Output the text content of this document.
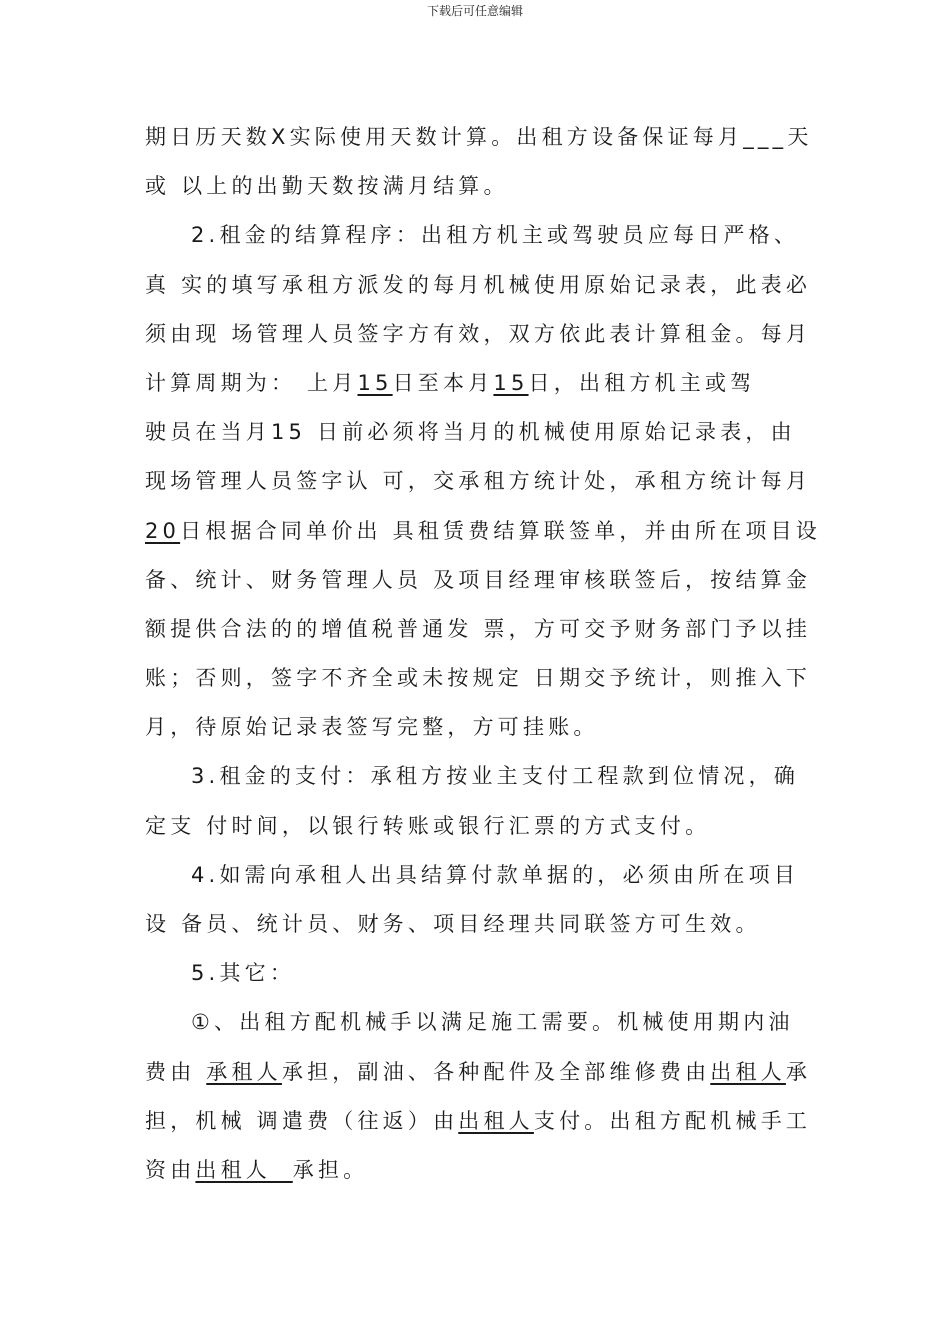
下载后可任意编辑
期日历天数X实际使用天数计算。出租方设备保证每月___天
或 以上的出勤天数按满月结算。
2.租金的结算程序：出租方机主或驾驶员应每日严格、
真 实的填写承租方派发的每月机械使用原始记录表，此表必
须由现 场管理人员签字方有效，双方依此表计算租金。每月
计算周期为： 上月15日至本月15日，出租方机主或驾
驶员在当月15 日前必须将当月的机械使用原始记录表，由
现场管理人员签字认 可，交承租方统计处，承租方统计每月
20日根据合同单价出 具租赁费结算联签单，并由所在项目设
备、统计、财务管理人员 及项目经理审核联签后，按结算金
额提供合法的的增值税普通发 票，方可交予财务部门予以挂
账；否则，签字不齐全或未按规定 日期交予统计，则推入下
月，待原始记录表签写完整，方可挂账。
3.租金的支付：承租方按业主支付工程款到位情况，确
定支 付时间，以银行转账或银行汇票的方式支付。
4.如需向承租人出具结算付款单据的，必须由所在项目
设 备员、统计员、财务、项目经理共同联签方可生效。
5.其它：
①、出租方配机械手以满足施工需要。机械使用期内油
费由 承租人承担，副油、各种配件及全部维修费由出租人承
担，机械 调遣费（往返）由出租人支付。出租方配机械手工
资由出租人  承担。
